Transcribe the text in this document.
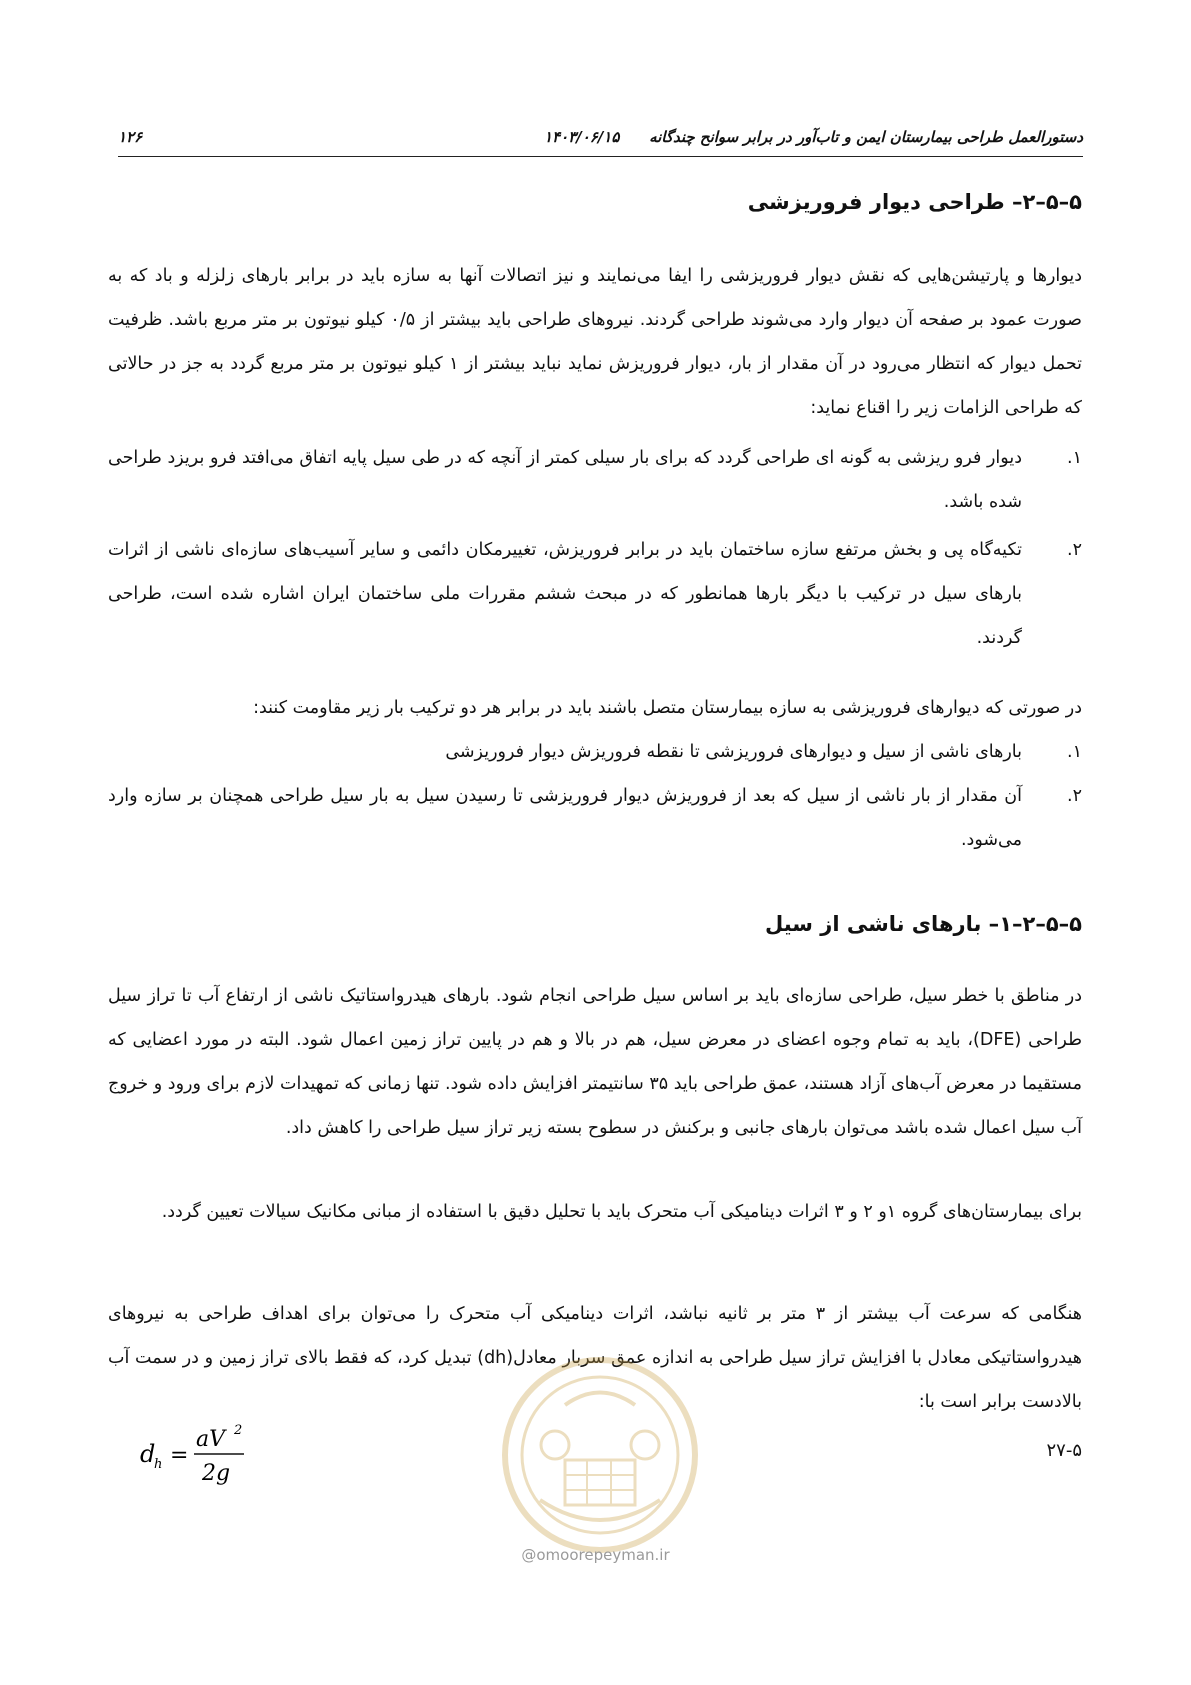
دستورالعمل طراحی بیمارستان ایمن و تاب‌آور در برابر سوانح چندگانه
۱۴۰۳/۰۶/۱۵
۱۲۶
۵–۵–۲– طراحی دیوار فروریزشی
دیوارها و پارتیشن‌هایی که نقش دیوار فروریزشی را ایفا می‌نمایند و نیز اتصالات آنها به سازه باید در برابر بارهای زلزله و باد که به صورت عمود بر صفحه آن دیوار وارد می‌شوند طراحی گردند. نیروهای طراحی باید بیشتر از ۰/۵ کیلو نیوتون بر متر مربع باشد. ظرفیت تحمل دیوار که انتظار می‌رود در آن مقدار از بار، دیوار فروریزش نماید نباید بیشتر از ۱ کیلو نیوتون بر متر مربع گردد به جز در حالاتی که طراحی الزامات زیر را اقناع نماید:
۱.
دیوار فرو ریزشی به گونه ای طراحی گردد که برای بار سیلی کمتر از آنچه که در طی سیل پایه اتفاق می‌افتد فرو بریزد طراحی شده باشد.
۲.
تکیه‌گاه پی و بخش مرتفع سازه ساختمان باید در برابر فروریزش، تغییرمکان دائمی و سایر آسیب‌های سازه‌ای ناشی از اثرات بارهای سیل در ترکیب با دیگر بارها همانطور که در مبحث ششم مقررات ملی ساختمان ایران اشاره شده است، طراحی گردند.
در صورتی که دیوارهای فروریزشی به سازه بیمارستان متصل باشند باید در برابر هر دو ترکیب بار زیر مقاومت کنند:
۱.
بارهای ناشی از سیل و دیوارهای فروریزشی تا نقطه فروریزش دیوار فروریزشی
۲.
آن مقدار از بار ناشی از سیل که بعد از فروریزش دیوار فروریزشی تا رسیدن سیل به بار سیل طراحی همچنان بر سازه وارد می‌شود.
۵–۵–۲–۱– بارهای ناشی از سیل
در مناطق با خطر سیل، طراحی سازه‌ای باید بر اساس سیل طراحی انجام شود. بارهای هیدرواستاتیک ناشی از ارتفاع آب تا تراز سیل طراحی (DFE)، باید به تمام وجوه اعضای در معرض سیل، هم در بالا و هم در پایین تراز زمین اعمال شود. البته در مورد اعضایی که مستقیما در معرض آب‌های آزاد هستند، عمق طراحی باید ۳۵ سانتیمتر افزایش داده شود. تنها زمانی که تمهیدات لازم برای ورود و خروج آب سیل اعمال شده باشد می‌توان بارهای جانبی و برکنش در سطوح بسته زیر تراز سیل طراحی را کاهش داد.
برای بیمارستان‌های گروه ۱و ۲ و ۳ اثرات دینامیکی آب متحرک باید با تحلیل دقیق با استفاده از مبانی مکانیک سیالات تعیین گردد.
هنگامی که سرعت آب بیشتر از ۳ متر بر ثانیه نباشد، اثرات دینامیکی آب متحرک را می‌توان برای اهداف طراحی به نیروهای هیدرواستاتیکی معادل با افزایش تراز سیل طراحی به اندازه عمق سربار معادل(dh) تبدیل کرد، که فقط بالای تراز زمین و در سمت آب بالادست برابر است با:
@omoorepeyman.ir
d
h =
aV 2
2g
۲۷-۵
